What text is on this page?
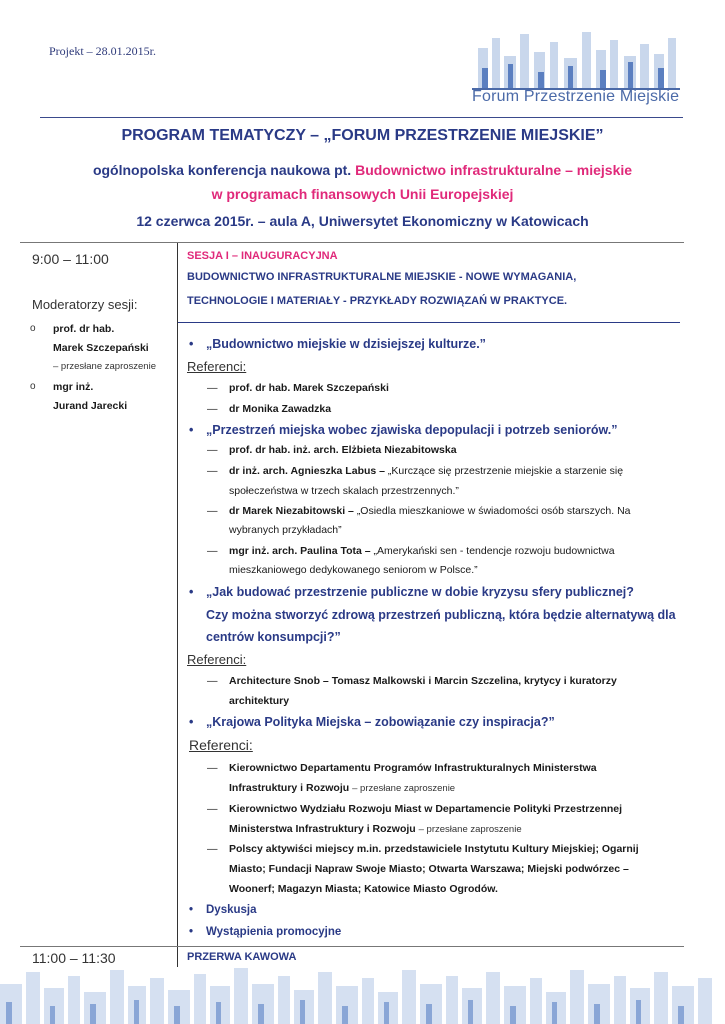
Projekt – 28.01.2015r.
Forum Przestrzenie Miejskie
PROGRAM TEMATYCZY – „FORUM PRZESTRZENIE MIEJSKIE”
ogólnopolska konferencja naukowa pt. Budownictwo infrastrukturalne – miejskie
w programach finansowych Unii Europejskiej
12 czerwca 2015r. – aula A, Uniwersytet Ekonomiczny w Katowicach
9:00 – 11:00
Moderatorzy sesji:
o prof. dr hab.
Marek Szczepański
– przesłane zaproszenie
o mgr inż.
Jurand Jarecki
SESJA I – INAUGURACYJNA
BUDOWNICTWO INFRASTRUKTURALNE MIEJSKIE - NOWE WYMAGANIA,
TECHNOLOGIE I MATERIAŁY - PRZYKŁADY ROZWIĄZAŃ W PRAKTYCE.
• „Budownictwo miejskie w dzisiejszej kulturze.”
Referenci:
— prof. dr hab. Marek Szczepański
— dr Monika Zawadzka
• „Przestrzeń miejska wobec zjawiska depopulacji i potrzeb seniorów.”
— prof. dr hab. inż. arch. Elżbieta Niezabitowska
— dr inż. arch. Agnieszka Labus – „Kurczące się przestrzenie miejskie a starzenie się
społeczeństwa w trzech skalach przestrzennych.”
— dr Marek Niezabitowski – „Osiedla mieszkaniowe w świadomości osób starszych. Na
wybranych przykładach”
— mgr inż. arch. Paulina Tota – „Amerykański sen - tendencje rozwoju budownictwa
mieszkaniowego dedykowanego seniorom w Polsce.”
• „Jak budować przestrzenie publiczne w dobie kryzysu sfery publicznej?
Czy można stworzyć zdrową przestrzeń publiczną, która będzie alternatywą dla
centrów konsumpcji?”
Referenci:
— Architecture Snob – Tomasz Malkowski i Marcin Szczelina, krytycy i kuratorzy
architektury
• „Krajowa Polityka Miejska – zobowiązanie czy inspiracja?”
Referenci:
— Kierownictwo Departamentu Programów Infrastrukturalnych Ministerstwa
Infrastruktury i Rozwoju – przesłane zaproszenie
— Kierownictwo Wydziału Rozwoju Miast w Departamencie Polityki Przestrzennej
Ministerstwa Infrastruktury i Rozwoju – przesłane zaproszenie
— Polscy aktywiści miejscy m.in. przedstawiciele Instytutu Kultury Miejskiej; Ogarnij
Miasto; Fundacji Napraw Swoje Miasto; Otwarta Warszawa; Miejski podwórzec –
Woonerf; Magazyn Miasta; Katowice Miasto Ogrodów.
• Dyskusja
• Wystąpienia promocyjne
11:00 – 11:30	PRZERWA KAWOWA
